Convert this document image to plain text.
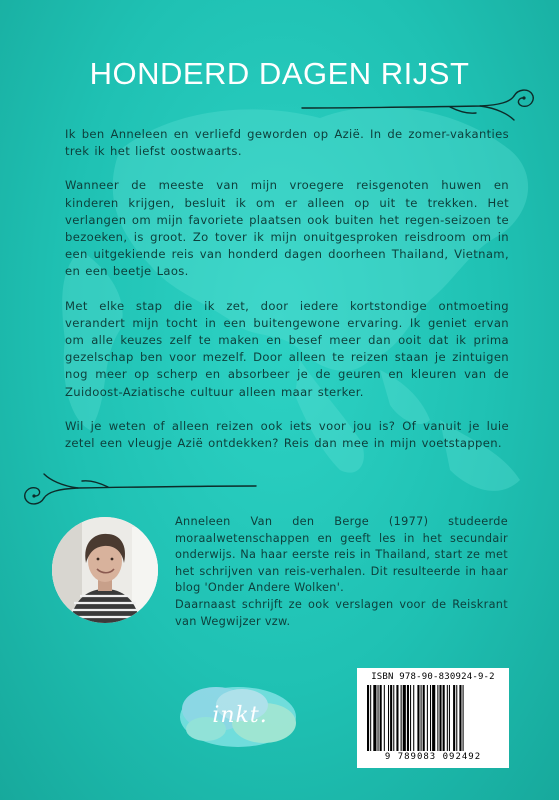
HONDERD DAGEN RIJST

Ik ben Anneleen en verliefd geworden op Azië. In de zomer-vakanties trek ik het liefst oostwaarts.

Wanneer de meeste van mijn vroegere reisgenoten huwen en kinderen krijgen, besluit ik om er alleen op uit te trekken. Het verlangen om mijn favoriete plaatsen ook buiten het regen-seizoen te bezoeken, is groot. Zo tover ik mijn onuitgesproken reisdroom om in een uitgekiende reis van honderd dagen doorheen Thailand, Vietnam, en een beetje Laos.

Met elke stap die ik zet, door iedere kortstondige ontmoeting verandert mijn tocht in een buitengewone ervaring. Ik geniet ervan om alle keuzes zelf te maken en besef meer dan ooit dat ik prima gezelschap ben voor mezelf. Door alleen te reizen staan je zintuigen nog meer op scherp en absorbeer je de geuren en kleuren van de Zuidoost-Aziatische cultuur alleen maar sterker.

Wil je weten of alleen reizen ook iets voor jou is? Of vanuit je luie zetel een vleugje Azië ontdekken? Reis dan mee in mijn voetstappen.

Anneleen Van den Berge (1977) studeerde moraalwetenschappen en geeft les in het secundair onderwijs. Na haar eerste reis in Thailand, start ze met het schrijven van reis-verhalen. Dit resulteerde in haar blog 'Onder Andere Wolken'.

Daarnaast schrijft ze ook verslagen voor de Reiskrant van Wegwijzer vzw.

inkt.
ISBN 978-90-830924-9-2
9 789083 092492
